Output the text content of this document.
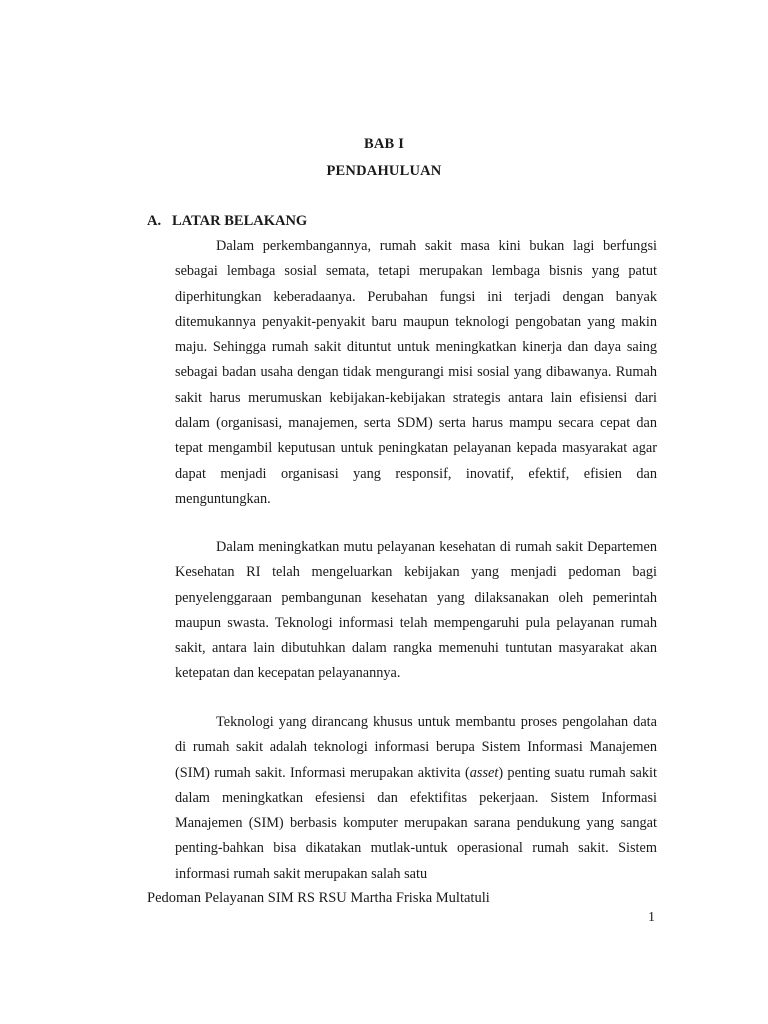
BAB I
PENDAHULUAN
A. LATAR BELAKANG

Dalam perkembangannya, rumah sakit masa kini bukan lagi berfungsi sebagai lembaga sosial semata, tetapi merupakan lembaga bisnis yang patut diperhitungkan keberadaanya. Perubahan fungsi ini terjadi dengan banyak ditemukannya penyakit-penyakit baru maupun teknologi pengobatan yang makin maju. Sehingga rumah sakit dituntut untuk meningkatkan kinerja dan daya saing sebagai badan usaha dengan tidak mengurangi misi sosial yang dibawanya. Rumah sakit harus merumuskan kebijakan-kebijakan strategis antara lain efisiensi dari dalam (organisasi, manajemen, serta SDM) serta harus mampu secara cepat dan tepat mengambil keputusan untuk peningkatan pelayanan kepada masyarakat agar dapat menjadi organisasi yang responsif, inovatif, efektif, efisien dan menguntungkan.

Dalam meningkatkan mutu pelayanan kesehatan di rumah sakit Departemen Kesehatan RI telah mengeluarkan kebijakan yang menjadi pedoman bagi penyelenggaraan pembangunan kesehatan yang dilaksanakan oleh pemerintah maupun swasta. Teknologi informasi telah mempengaruhi pula pelayanan rumah sakit, antara lain dibutuhkan dalam rangka memenuhi tuntutan masyarakat akan ketepatan dan kecepatan pelayanannya.

Teknologi yang dirancang khusus untuk membantu proses pengolahan data di rumah sakit adalah teknologi informasi berupa Sistem Informasi Manajemen (SIM) rumah sakit. Informasi merupakan aktivita (asset) penting suatu rumah sakit dalam meningkatkan efesiensi dan efektifitas pekerjaan. Sistem Informasi Manajemen (SIM) berbasis komputer merupakan sarana pendukung yang sangat penting-bahkan bisa dikatakan mutlak-untuk operasional rumah sakit. Sistem informasi rumah sakit merupakan salah satu

Pedoman Pelayanan SIM RS RSU Martha Friska Multatuli
1
